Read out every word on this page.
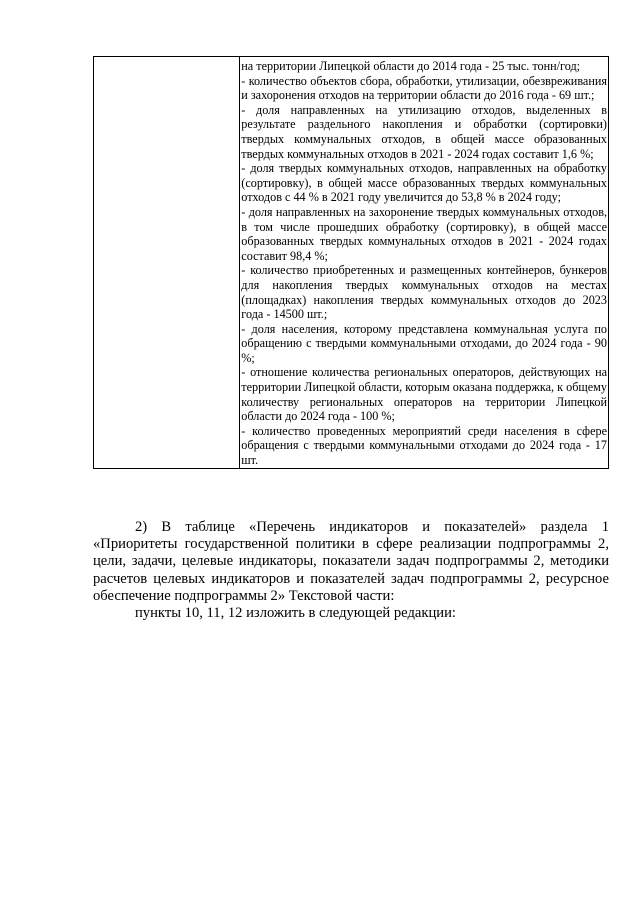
на территории Липецкой области до 2014 года - 25 тыс. тонн/год;

- количество объектов сбора, обработки, утилизации, обезвреживания и захоронения отходов на территории области до 2016 года - 69 шт.;

- доля направленных на утилизацию отходов, выделенных в результате раздельного накопления и обработки (сортировки) твердых коммунальных отходов, в общей массе образованных твердых коммунальных отходов в 2021 - 2024 годах составит 1,6 %;

- доля твердых коммунальных отходов, направленных на обработку (сортировку), в общей массе образованных твердых коммунальных отходов с 44 % в 2021 году увеличится до 53,8 % в 2024 году;

- доля направленных на захоронение твердых коммунальных отходов, в том числе прошедших обработку (сортировку), в общей массе образованных твердых коммунальных отходов в 2021 - 2024 годах составит 98,4 %;

- количество приобретенных и размещенных контейнеров, бункеров для накопления твердых коммунальных отходов на местах (площадках) накопления твердых коммунальных отходов до 2023 года - 14500 шт.;

- доля населения, которому представлена коммунальная услуга по обращению с твердыми коммунальными отходами, до 2024 года - 90 %;

- отношение количества региональных операторов, действующих на территории Липецкой области, которым оказана поддержка, к общему количеству региональных операторов на территории Липецкой области до 2024 года - 100 %;

- количество проведенных мероприятий среди населения в сфере обращения с твердыми коммунальными отходами до 2024 года - 17 шт.

2) В таблице «Перечень индикаторов и показателей» раздела 1 «Приоритеты государственной политики в сфере реализации подпрограммы 2, цели, задачи, целевые индикаторы, показатели задач подпрограммы 2, методики расчетов целевых индикаторов и показателей задач подпрограммы 2, ресурсное обеспечение подпрограммы 2» Текстовой части:

пункты 10, 11, 12 изложить в следующей редакции:
